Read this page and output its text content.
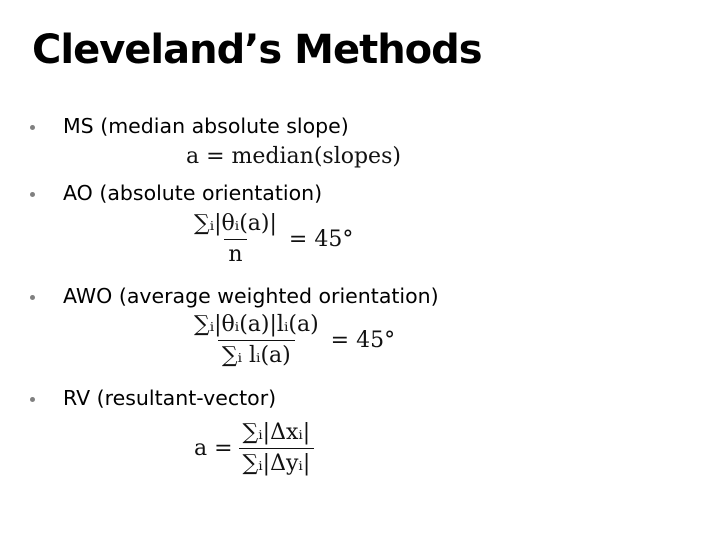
Cleveland’s Methods
MS (median absolute slope)
a = median(slopes)
AO (absolute orientation)
$\frac{\text{∑ᵢ|θᵢ(a)|}}{n} = 45^\circ$
AWO (average weighted orientation)
$\frac{\text{∑ᵢ|θᵢ(a)|lᵢ(a)}}{\text{∑ᵢ lᵢ(a)}} = 45^\circ$
RV (resultant-vector)
$a = \frac{\text{∑ᵢ|Δxᵢ|}}{\text{∑ᵢ|Δyᵢ|}}$
